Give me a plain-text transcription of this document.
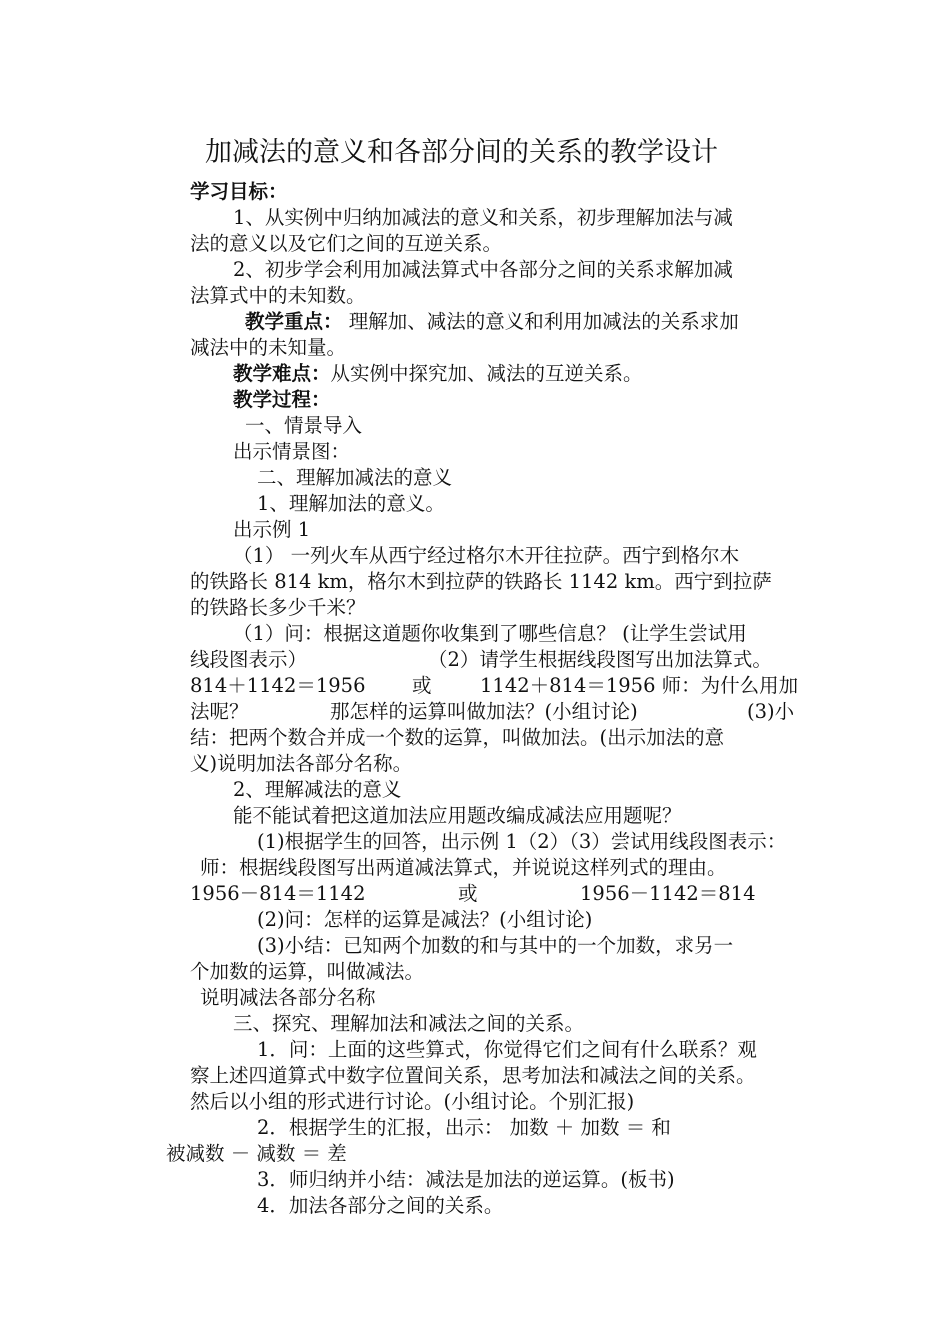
加减法的意义和各部分间的关系的教学设计
学习目标：
1、从实例中归纳加减法的意义和关系，初步理解加法与减
法的意义以及它们之间的互逆关系。
2、初步学会利用加减法算式中各部分之间的关系求解加减
法算式中的未知数。
教学重点： 理解加、减法的意义和利用加减法的关系求加
减法中的未知量。
教学难点：从实例中探究加、减法的互逆关系。
教学过程：
一、情景导入
出示情景图：
二、理解加减法的意义
1、理解加法的意义。
出示例 1
（1） 一列火车从西宁经过格尔木开往拉萨。西宁到格尔木
的铁路长 814 km，格尔木到拉萨的铁路长 1142 km。西宁到拉萨
的铁路长多少千米？
（1）问：根据这道题你收集到了哪些信息？ (让学生尝试用
线段图表示）	（2）请学生根据线段图写出加法算式。
814＋1142＝1956 或 1142＋814＝1956 师：为什么用加
法呢？	那怎样的运算叫做加法？(小组讨论)	(3)小
结：把两个数合并成一个数的运算，叫做加法。(出示加法的意
义)说明加法各部分名称。
2、理解减法的意义
能不能试着把这道加法应用题改编成减法应用题呢？
(1)根据学生的回答，出示例 1（2）（3）尝试用线段图表示：
师：根据线段图写出两道减法算式，并说说这样列式的理由。
1956－814＝1142	或	1956－1142＝814
(2)问：怎样的运算是减法？(小组讨论)
(3)小结：已知两个加数的和与其中的一个加数，求另一
个加数的运算，叫做减法。
说明减法各部分名称
三、探究、理解加法和减法之间的关系。
1．问：上面的这些算式，你觉得它们之间有什么联系？观
察上述四道算式中数字位置间关系，思考加法和减法之间的关系。
然后以小组的形式进行讨论。(小组讨论。个别汇报)
2．根据学生的汇报，出示： 加数 ＋ 加数 ＝ 和
被减数 － 减数 ＝ 差
3．师归纳并小结：减法是加法的逆运算。(板书)
4．加法各部分之间的关系。
